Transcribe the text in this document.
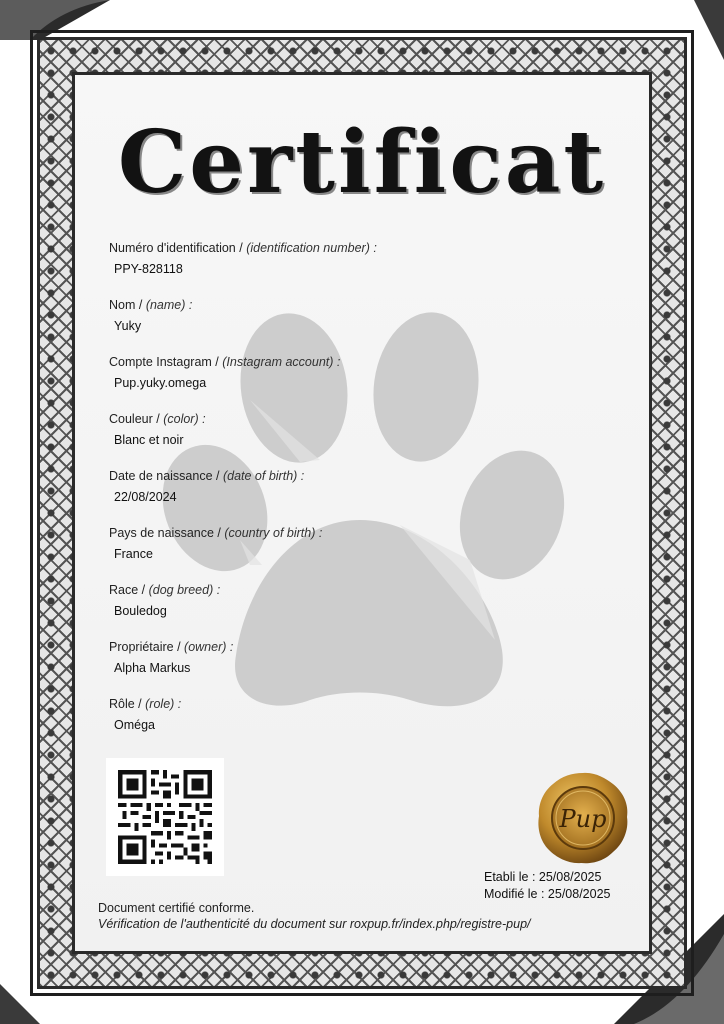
Certificat
Numéro d'identification / (identification number) :
PPY-828118
Nom / (name) :
Yuky
Compte Instagram / (Instagram account) :
Pup.yuky.omega
Couleur / (color) :
Blanc et noir
Date de naissance / (date of birth) :
22/08/2024
Pays de naissance / (country of birth) :
France
Race / (dog breed) :
Bouledog
Propriétaire / (owner) :
Alpha Markus
Rôle / (role) :
Oméga
Pup
Etabli le : 25/08/2025
Modifié le : 25/08/2025
Document certifié conforme.
Vérification de l'authenticité du document sur roxpup.fr/index.php/registre-pup/
